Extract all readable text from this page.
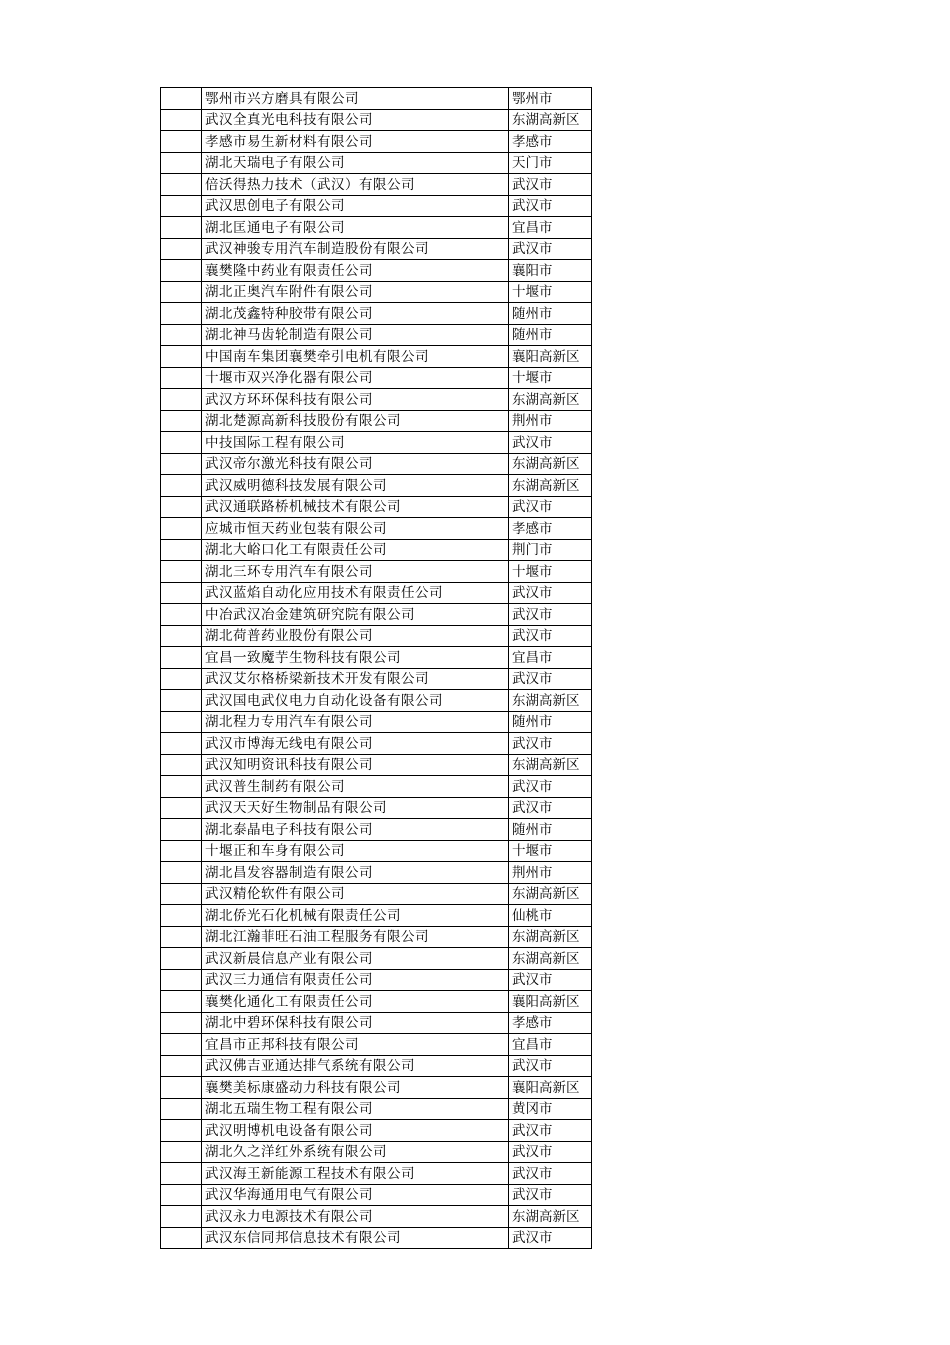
	鄂州市兴方磨具有限公司	鄂州市
	武汉全真光电科技有限公司	东湖高新区
	孝感市易生新材料有限公司	孝感市
	湖北天瑞电子有限公司	天门市
	倍沃得热力技术（武汉）有限公司	武汉市
	武汉思创电子有限公司	武汉市
	湖北匡通电子有限公司	宜昌市
	武汉神骏专用汽车制造股份有限公司	武汉市
	襄樊隆中药业有限责任公司	襄阳市
	湖北正奥汽车附件有限公司	十堰市
	湖北茂鑫特种胶带有限公司	随州市
	湖北神马齿轮制造有限公司	随州市
	中国南车集团襄樊牵引电机有限公司	襄阳高新区
	十堰市双兴净化器有限公司	十堰市
	武汉方环环保科技有限公司	东湖高新区
	湖北楚源高新科技股份有限公司	荆州市
	中技国际工程有限公司	武汉市
	武汉帝尔激光科技有限公司	东湖高新区
	武汉威明德科技发展有限公司	东湖高新区
	武汉通联路桥机械技术有限公司	武汉市
	应城市恒天药业包装有限公司	孝感市
	湖北大峪口化工有限责任公司	荆门市
	湖北三环专用汽车有限公司	十堰市
	武汉蓝焰自动化应用技术有限责任公司	武汉市
	中冶武汉冶金建筑研究院有限公司	武汉市
	湖北荷普药业股份有限公司	武汉市
	宜昌一致魔芋生物科技有限公司	宜昌市
	武汉艾尔格桥梁新技术开发有限公司	武汉市
	武汉国电武仪电力自动化设备有限公司	东湖高新区
	湖北程力专用汽车有限公司	随州市
	武汉市博海无线电有限公司	武汉市
	武汉知明资讯科技有限公司	东湖高新区
	武汉普生制药有限公司	武汉市
	武汉天天好生物制品有限公司	武汉市
	湖北泰晶电子科技有限公司	随州市
	十堰正和车身有限公司	十堰市
	湖北昌发容器制造有限公司	荆州市
	武汉精伦软件有限公司	东湖高新区
	湖北侨光石化机械有限责任公司	仙桃市
	湖北江瀚菲旺石油工程服务有限公司	东湖高新区
	武汉新晨信息产业有限公司	东湖高新区
	武汉三力通信有限责任公司	武汉市
	襄樊化通化工有限责任公司	襄阳高新区
	湖北中碧环保科技有限公司	孝感市
	宜昌市正邦科技有限公司	宜昌市
	武汉佛吉亚通达排气系统有限公司	武汉市
	襄樊美标康盛动力科技有限公司	襄阳高新区
	湖北五瑞生物工程有限公司	黄冈市
	武汉明博机电设备有限公司	武汉市
	湖北久之洋红外系统有限公司	武汉市
	武汉海王新能源工程技术有限公司	武汉市
	武汉华海通用电气有限公司	武汉市
	武汉永力电源技术有限公司	东湖高新区
	武汉东信同邦信息技术有限公司	武汉市
